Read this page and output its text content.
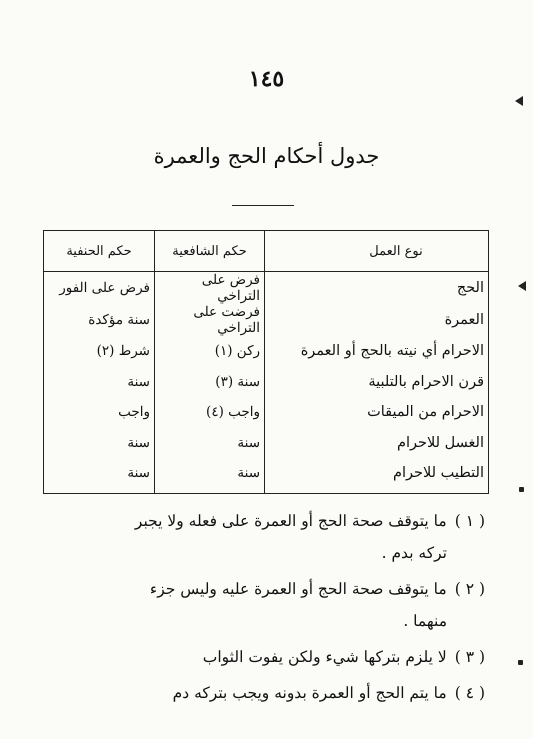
١٤٥
جدول أحكام الحج والعمرة
نوع العمل	حكم الشافعية	حكم الحنفية
الحج	فرض على التراخي	فرض على الفور
العمرة	فرضت على التراخي	سنة مؤكدة
الاحرام أي نيته بالحج أو العمرة	ركن (١)	شرط (٢)
قرن الاحرام بالتلبية	سنة (٣)	سنة
الاحرام من الميقات	واجب (٤)	واجب
الغسل للاحرام	سنة	سنة
التطيب للاحرام	سنة	سنة

( ١ )ما يتوقف صحة الحج أو العمرة على فعله ولا يجبر

تركه بدم .

( ٢ )ما يتوقف صحة الحج أو العمرة عليه وليس جزء

منهما .

( ٣ )لا يلزم بتركها شيء ولكن يفوت الثواب

( ٤ )ما يتم الحج أو العمرة بدونه ويجب بتركه دم
